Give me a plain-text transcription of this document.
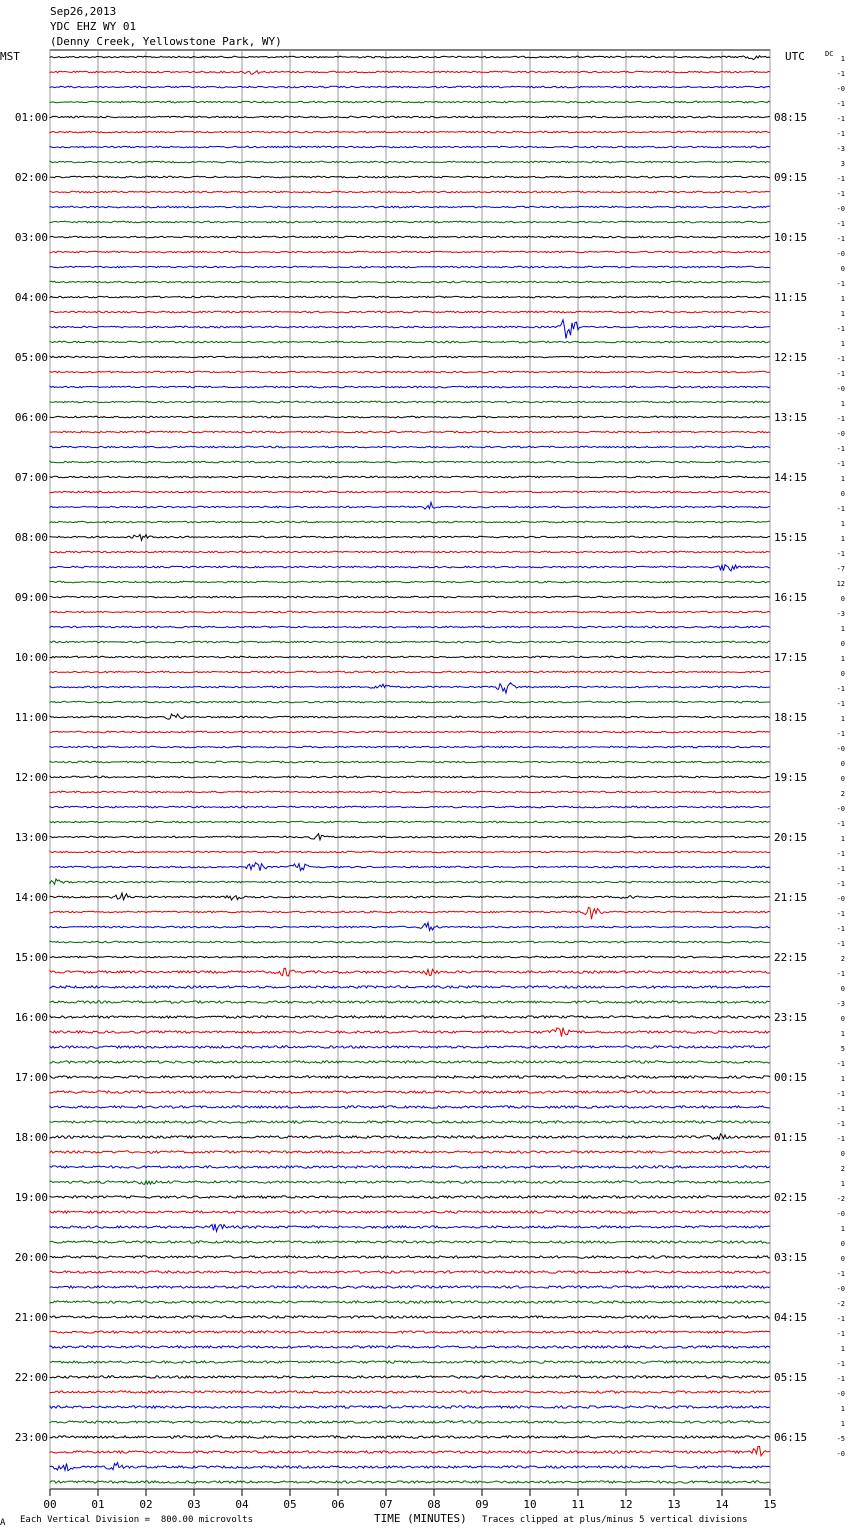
Sep26,2013
YDC EHZ WY 01
(Denny Creek, Yellowstone Park, WY)
MST	UTC	DC
00	01	02	03	04	05	06	07	08	09	10	11	12	13	14	15
1
-1
-0
-1
-1
01:00	08:15
-1
-3
3
-1
02:00	09:15
-1
-0
-1
-1
03:00	10:15
-0
0
-1
1
04:00	11:15
1
-1
1
-1
05:00	12:15
-1
-0
1
-1
06:00	13:15
-0
-1
-1
1
07:00	14:15
0
-1
1
1
08:00	15:15
-1
-7
12
0
09:00	16:15
-3
1
0
1
10:00	17:15
0
-1
-1
1
11:00	18:15
-1
-0
0
0
12:00	19:15
2
-0
-1
1
13:00	20:15
-1
-1
-1
-0
14:00	21:15
-1
-1
-1
2
15:00	22:15
-1
0
-3
0
16:00	23:15
1
5
-1
1
17:00	00:15
-1
-1
-1
-1
18:00	01:15
0
2
1
-2
19:00	02:15
-0
1
0
0
20:00	03:15
-1
-0
-2
-1
21:00	04:15
-1
1
-1
-1
22:00	05:15
-0
1
1
-5
23:00	06:15
-0
A Each Vertical Division =  800.00 microvolts	TIME (MINUTES) Traces clipped at plus/minus 5 vertical divisions
